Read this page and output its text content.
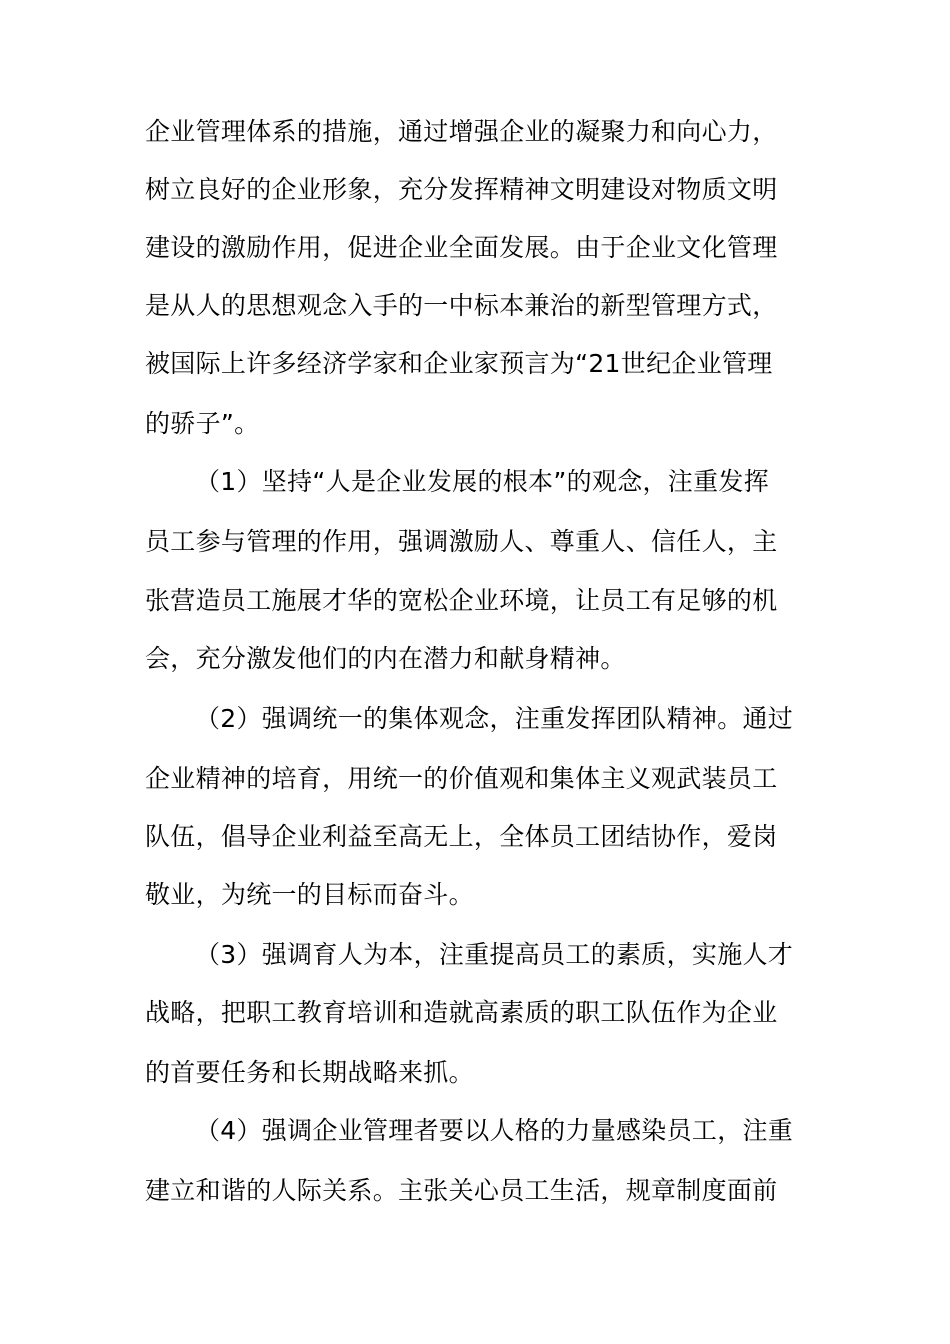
企业管理体系的措施，通过增强企业的凝聚力和向心力，
树立良好的企业形象，充分发挥精神文明建设对物质文明
建设的激励作用，促进企业全面发展。由于企业文化管理
是从人的思想观念入手的一中标本兼治的新型管理方式，
被国际上许多经济学家和企业家预言为“21世纪企业管理
的骄子”。
（1）坚持“人是企业发展的根本”的观念，注重发挥
员工参与管理的作用，强调激励人、尊重人、信任人，主
张营造员工施展才华的宽松企业环境，让员工有足够的机
会，充分激发他们的内在潜力和献身精神。
（2）强调统一的集体观念，注重发挥团队精神。通过
企业精神的培育，用统一的价值观和集体主义观武装员工
队伍，倡导企业利益至高无上，全体员工团结协作，爱岗
敬业，为统一的目标而奋斗。
（3）强调育人为本，注重提高员工的素质，实施人才
战略，把职工教育培训和造就高素质的职工队伍作为企业
的首要任务和长期战略来抓。
（4）强调企业管理者要以人格的力量感染员工，注重
建立和谐的人际关系。主张关心员工生活，规章制度面前
